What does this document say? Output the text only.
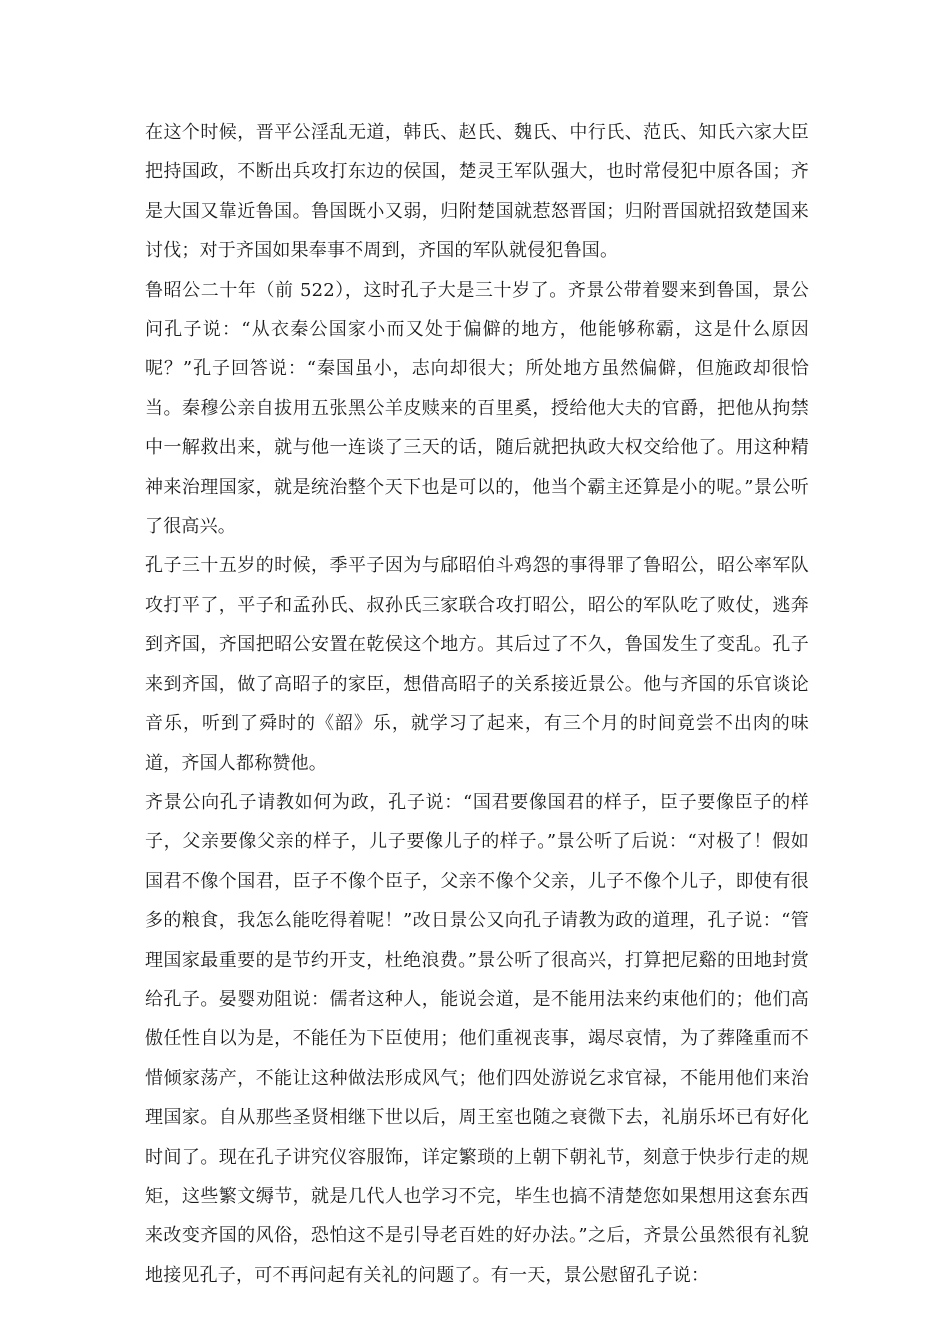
在这个时候，晋平公淫乱无道，韩氏、赵氏、魏氏、中行氏、范氏、知氏六家大臣把持国政，不断出兵攻打东边的侯国，楚灵王军队强大，也时常侵犯中原各国；齐是大国又靠近鲁国。鲁国既小又弱，归附楚国就惹怒晋国；归附晋国就招致楚国来讨伐；对于齐国如果奉事不周到，齐国的军队就侵犯鲁国。

鲁昭公二十年（前 522），这时孔子大是三十岁了。齐景公带着婴来到鲁国，景公问孔子说：“从衣秦公国家小而又处于偏僻的地方，他能够称霸，这是什么原因呢？”孔子回答说：“秦国虽小，志向却很大；所处地方虽然偏僻，但施政却很恰当。秦穆公亲自拔用五张黑公羊皮赎来的百里奚，授给他大夫的官爵，把他从拘禁中一解救出来，就与他一连谈了三天的话，随后就把执政大权交给他了。用这种精神来治理国家，就是统治整个天下也是可以的，他当个霸主还算是小的呢。”景公听了很高兴。

孔子三十五岁的时候，季平子因为与郈昭伯斗鸡怨的事得罪了鲁昭公，昭公率军队攻打平了，平子和孟孙氏、叔孙氏三家联合攻打昭公，昭公的军队吃了败仗，逃奔到齐国，齐国把昭公安置在乾侯这个地方。其后过了不久，鲁国发生了变乱。孔子来到齐国，做了高昭子的家臣，想借高昭子的关系接近景公。他与齐国的乐官谈论音乐，听到了舜时的《韶》乐，就学习了起来，有三个月的时间竟尝不出肉的味道，齐国人都称赞他。

齐景公向孔子请教如何为政，孔子说：“国君要像国君的样子，臣子要像臣子的样子，父亲要像父亲的样子，儿子要像儿子的样子。”景公听了后说：“对极了！假如国君不像个国君，臣子不像个臣子，父亲不像个父亲，儿子不像个儿子，即使有很多的粮食，我怎么能吃得着呢！”改日景公又向孔子请教为政的道理，孔子说：“管理国家最重要的是节约开支，杜绝浪费。”景公听了很高兴，打算把尼谿的田地封赏给孔子。晏婴劝阻说：儒者这种人，能说会道，是不能用法来约束他们的；他们高傲任性自以为是，不能任为下臣使用；他们重视丧事，竭尽哀情，为了葬隆重而不惜倾家荡产，不能让这种做法形成风气；他们四处游说乞求官禄，不能用他们来治理国家。自从那些圣贤相继下世以后，周王室也随之衰微下去，礼崩乐坏已有好化时间了。现在孔子讲究仪容服饰，详定繁琐的上朝下朝礼节，刻意于快步行走的规矩，这些繁文缛节，就是几代人也学习不完，毕生也搞不清楚您如果想用这套东西来改变齐国的风俗，恐怕这不是引导老百姓的好办法。”之后，齐景公虽然很有礼貌地接见孔子，可不再问起有关礼的问题了。有一天，景公慰留孔子说：
